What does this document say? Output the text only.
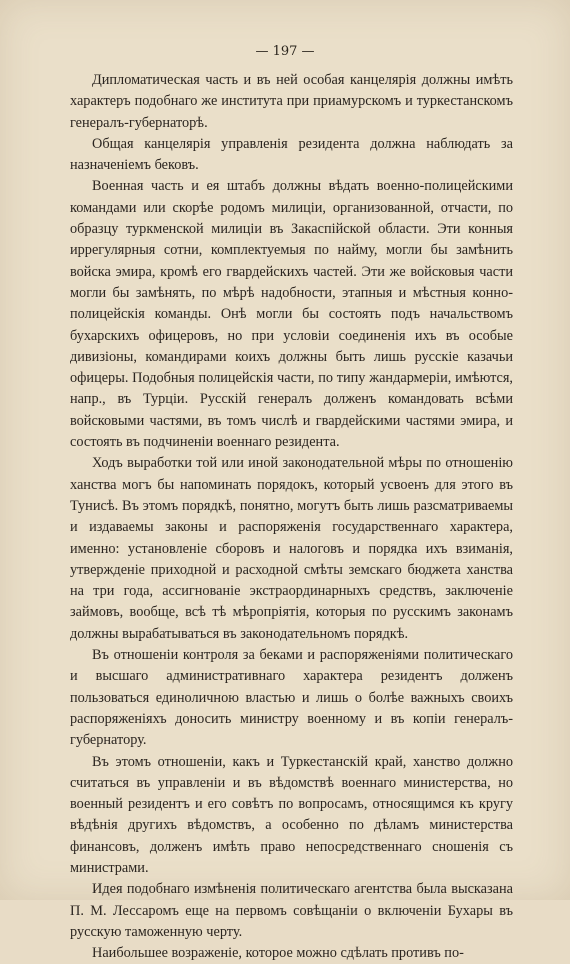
— 197 —

Дипломатическая часть и въ ней особая канцелярія должны имѣть характеръ подобнаго же института при приамурскомъ и туркестанскомъ генералъ-губернаторѣ.

Общая канцелярія управленія резидента должна наблюдать за назначеніемъ бековъ.

Военная часть и ея штабъ должны вѣдать военно-полицейскими командами или скорѣе родомъ милиціи, организованной, отчасти, по образцу туркменской милиціи въ Закаспійской области. Эти конныя иррегулярныя сотни, комплектуемыя по найму, могли бы замѣнить войска эмира, кромѣ его гвардейскихъ частей. Эти же войсковыя части могли бы замѣнять, по мѣрѣ надобности, этапныя и мѣстныя конно-полицейскія команды. Онѣ могли бы состоять подъ начальствомъ бухарскихъ офицеровъ, но при условіи соединенія ихъ въ особые дивизіоны, командирами коихъ должны быть лишь русскіе казачьи офицеры. Подобныя полицейскія части, по типу жандармеріи, имѣются, напр., въ Турціи. Русскій генералъ долженъ командовать всѣми войсковыми частями, въ томъ числѣ и гвардейскими частями эмира, и состоять въ подчиненіи военнаго резидента.

Ходъ выработки той или иной законодательной мѣры по отношенію ханства могъ бы напоминать порядокъ, который усвоенъ для этого въ Тунисѣ. Въ этомъ порядкѣ, понятно, могутъ быть лишь разсматриваемы и издаваемы законы и распоряженія государственнаго характера, именно: установленіе сборовъ и налоговъ и порядка ихъ взиманія, утвержденіе приходной и расходной смѣты земскаго бюджета ханства на три года, ассигнованіе экстраординарныхъ средствъ, заключеніе займовъ, вообще, всѣ тѣ мѣропріятія, которыя по русскимъ законамъ должны вырабатываться въ законодательномъ порядкѣ.

Въ отношеніи контроля за беками и распоряженіями политическаго и высшаго административнаго характера резидентъ долженъ пользоваться единоличною властью и лишь о болѣе важныхъ своихъ распоряженіяхъ доносить министру военному и въ копіи генералъ-губернатору.

Въ этомъ отношеніи, какъ и Туркестанскій край, ханство должно считаться въ управленіи и въ вѣдомствѣ военнаго министерства, но военный резидентъ и его совѣтъ по вопросамъ, относящимся къ кругу вѣдѣнія другихъ вѣдомствъ, а особенно по дѣламъ министерства финансовъ, долженъ имѣть право непосредственнаго сношенія съ министрами.

Идея подобнаго измѣненія политическаго агентства была высказана П. М. Лессаромъ еще на первомъ совѣщаніи о включеніи Бухары въ русскую таможенную черту.

Наибольшее возраженіе, которое можно сдѣлать противъ по-
